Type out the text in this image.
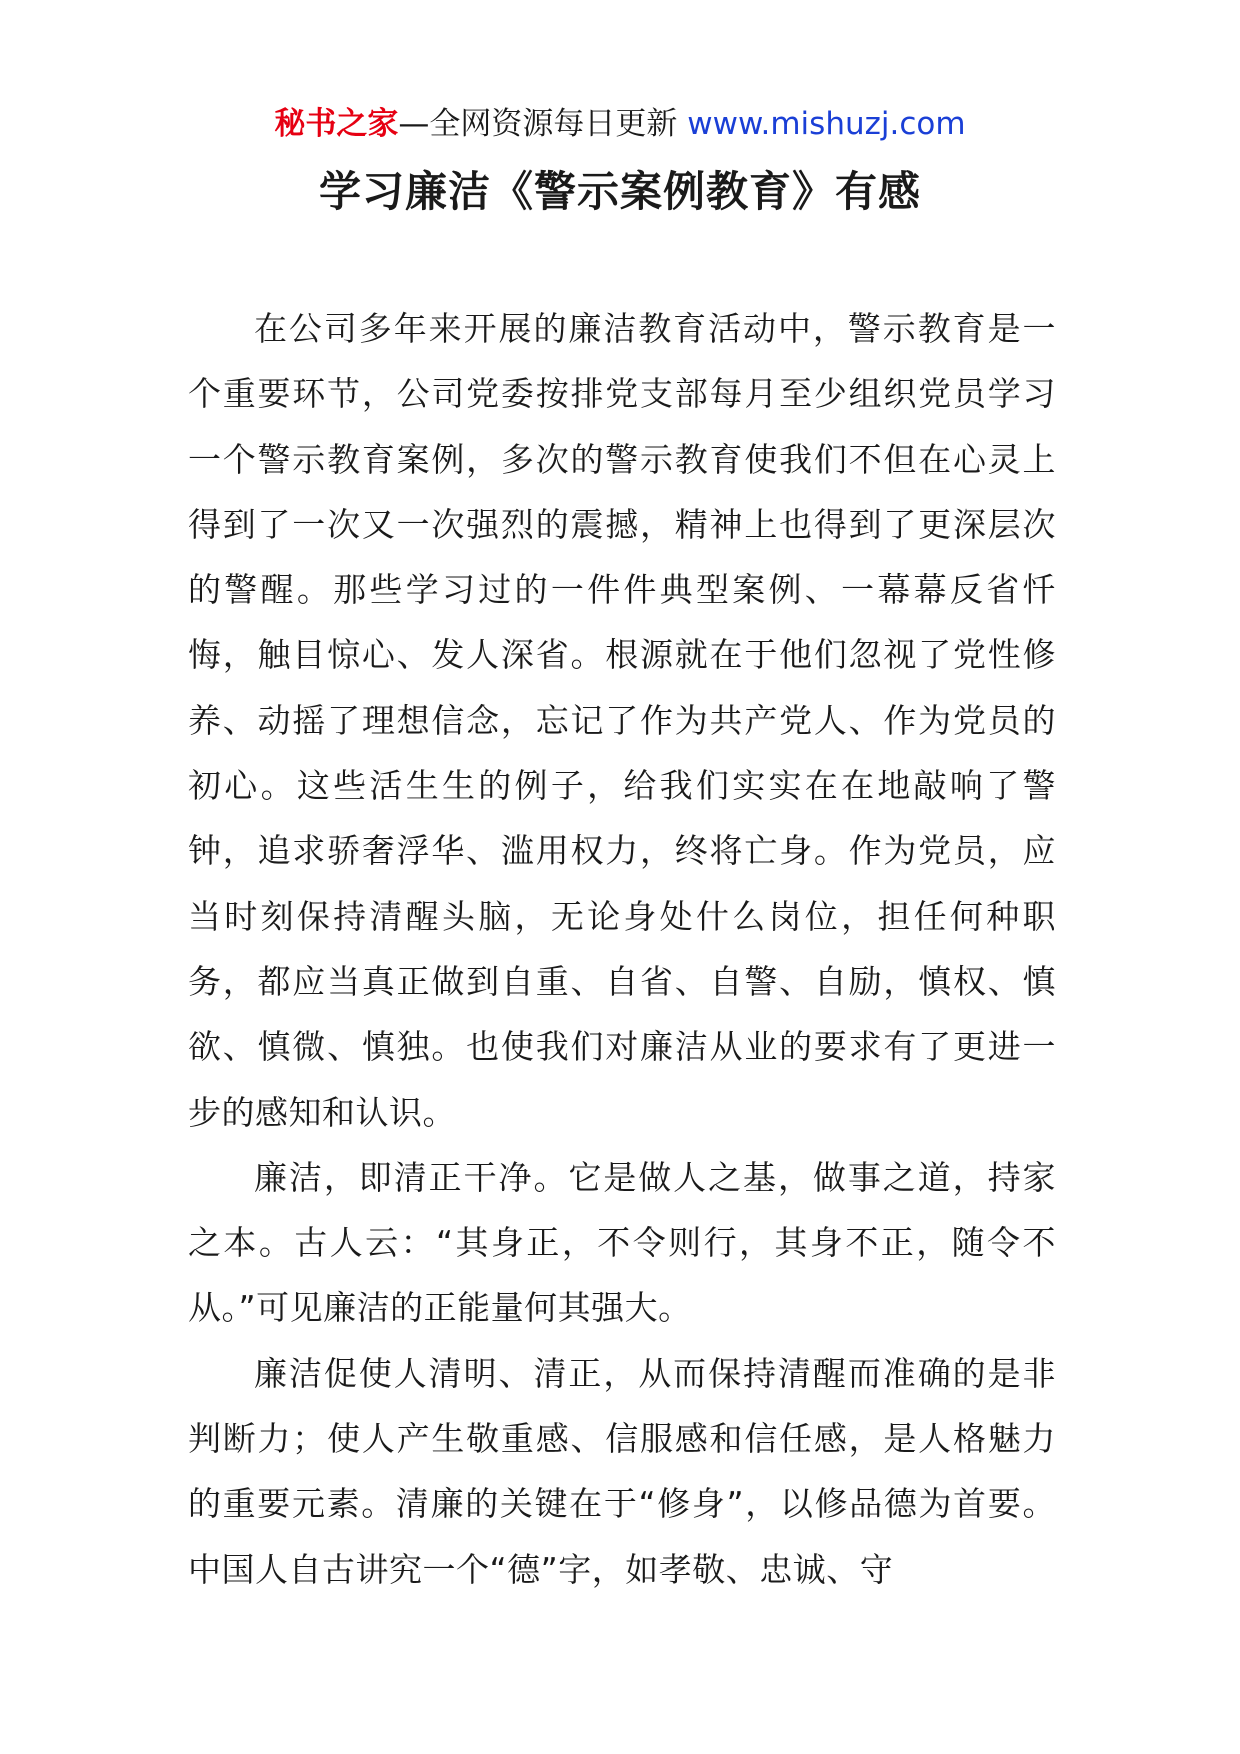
秘书之家—全网资源每日更新 www.mishuzj.com
学习廉洁《警示案例教育》有感

在公司多年来开展的廉洁教育活动中，警示教育是一个重要环节，公司党委按排党支部每月至少组织党员学习一个警示教育案例，多次的警示教育使我们不但在心灵上得到了一次又一次强烈的震撼，精神上也得到了更深层次的警醒。那些学习过的一件件典型案例、一幕幕反省忏悔，触目惊心、发人深省。根源就在于他们忽视了党性修养、动摇了理想信念，忘记了作为共产党人、作为党员的初心。这些活生生的例子，给我们实实在在地敲响了警钟，追求骄奢浮华、滥用权力，终将亡身。作为党员，应当时刻保持清醒头脑，无论身处什么岗位，担任何种职务，都应当真正做到自重、自省、自警、自励，慎权、慎欲、慎微、慎独。也使我们对廉洁从业的要求有了更进一步的感知和认识。

廉洁，即清正干净。它是做人之基，做事之道，持家之本。古人云：“其身正，不令则行，其身不正，随令不从。”可见廉洁的正能量何其强大。

廉洁促使人清明、清正，从而保持清醒而准确的是非判断力；使人产生敬重感、信服感和信任感，是人格魅力的重要元素。清廉的关键在于“修身”，以修品德为首要。中国人自古讲究一个“德”字，如孝敬、忠诚、守
